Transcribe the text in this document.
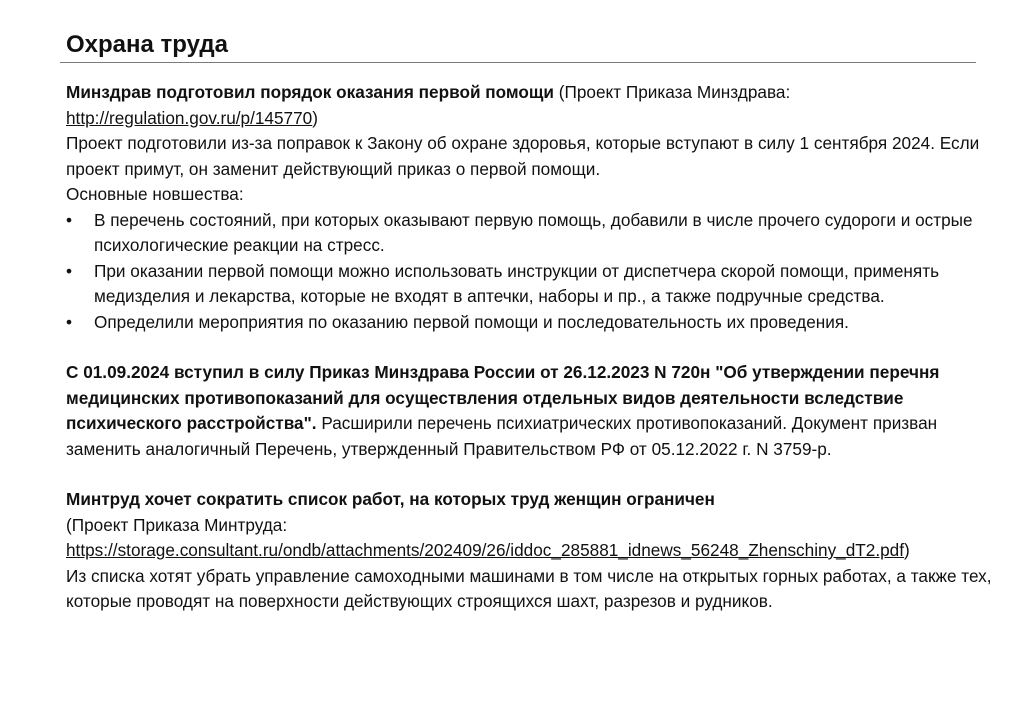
Охрана труда

Минздрав подготовил порядок оказания первой помощи (Проект Приказа Минздрава:
http://regulation.gov.ru/p/145770)

Проект подготовили из-за поправок к Закону об охране здоровья, которые вступают в силу 1 сентября 2024. Если проект примут, он заменит действующий приказ о первой помощи.

Основные новшества:

• В перечень состояний, при которых оказывают первую помощь, добавили в числе прочего судороги и острые психологические реакции на стресс.
• При оказании первой помощи можно использовать инструкции от диспетчера скорой помощи, применять медизделия и лекарства, которые не входят в аптечки, наборы и пр., а также подручные средства.
• Определили мероприятия по оказанию первой помощи и последовательность их проведения.

С 01.09.2024 вступил в силу Приказ Минздрава России от 26.12.2023 N 720н "Об утверждении перечня медицинских противопоказаний для осуществления отдельных видов деятельности вследствие психического расстройства". Расширили перечень психиатрических противопоказаний. Документ призван заменить аналогичный Перечень, утвержденный Правительством РФ от 05.12.2022 г. N 3759-р.

Минтруд хочет сократить список работ, на которых труд женщин ограничен

(Проект Приказа Минтруда:

https://storage.consultant.ru/ondb/attachments/202409/26/iddoc_285881_idnews_56248_Zhenschiny_dT2.pdf)

Из списка хотят убрать управление самоходными машинами в том числе на открытых горных работах, а также тех, которые проводят на поверхности действующих строящихся шахт, разрезов и рудников.
